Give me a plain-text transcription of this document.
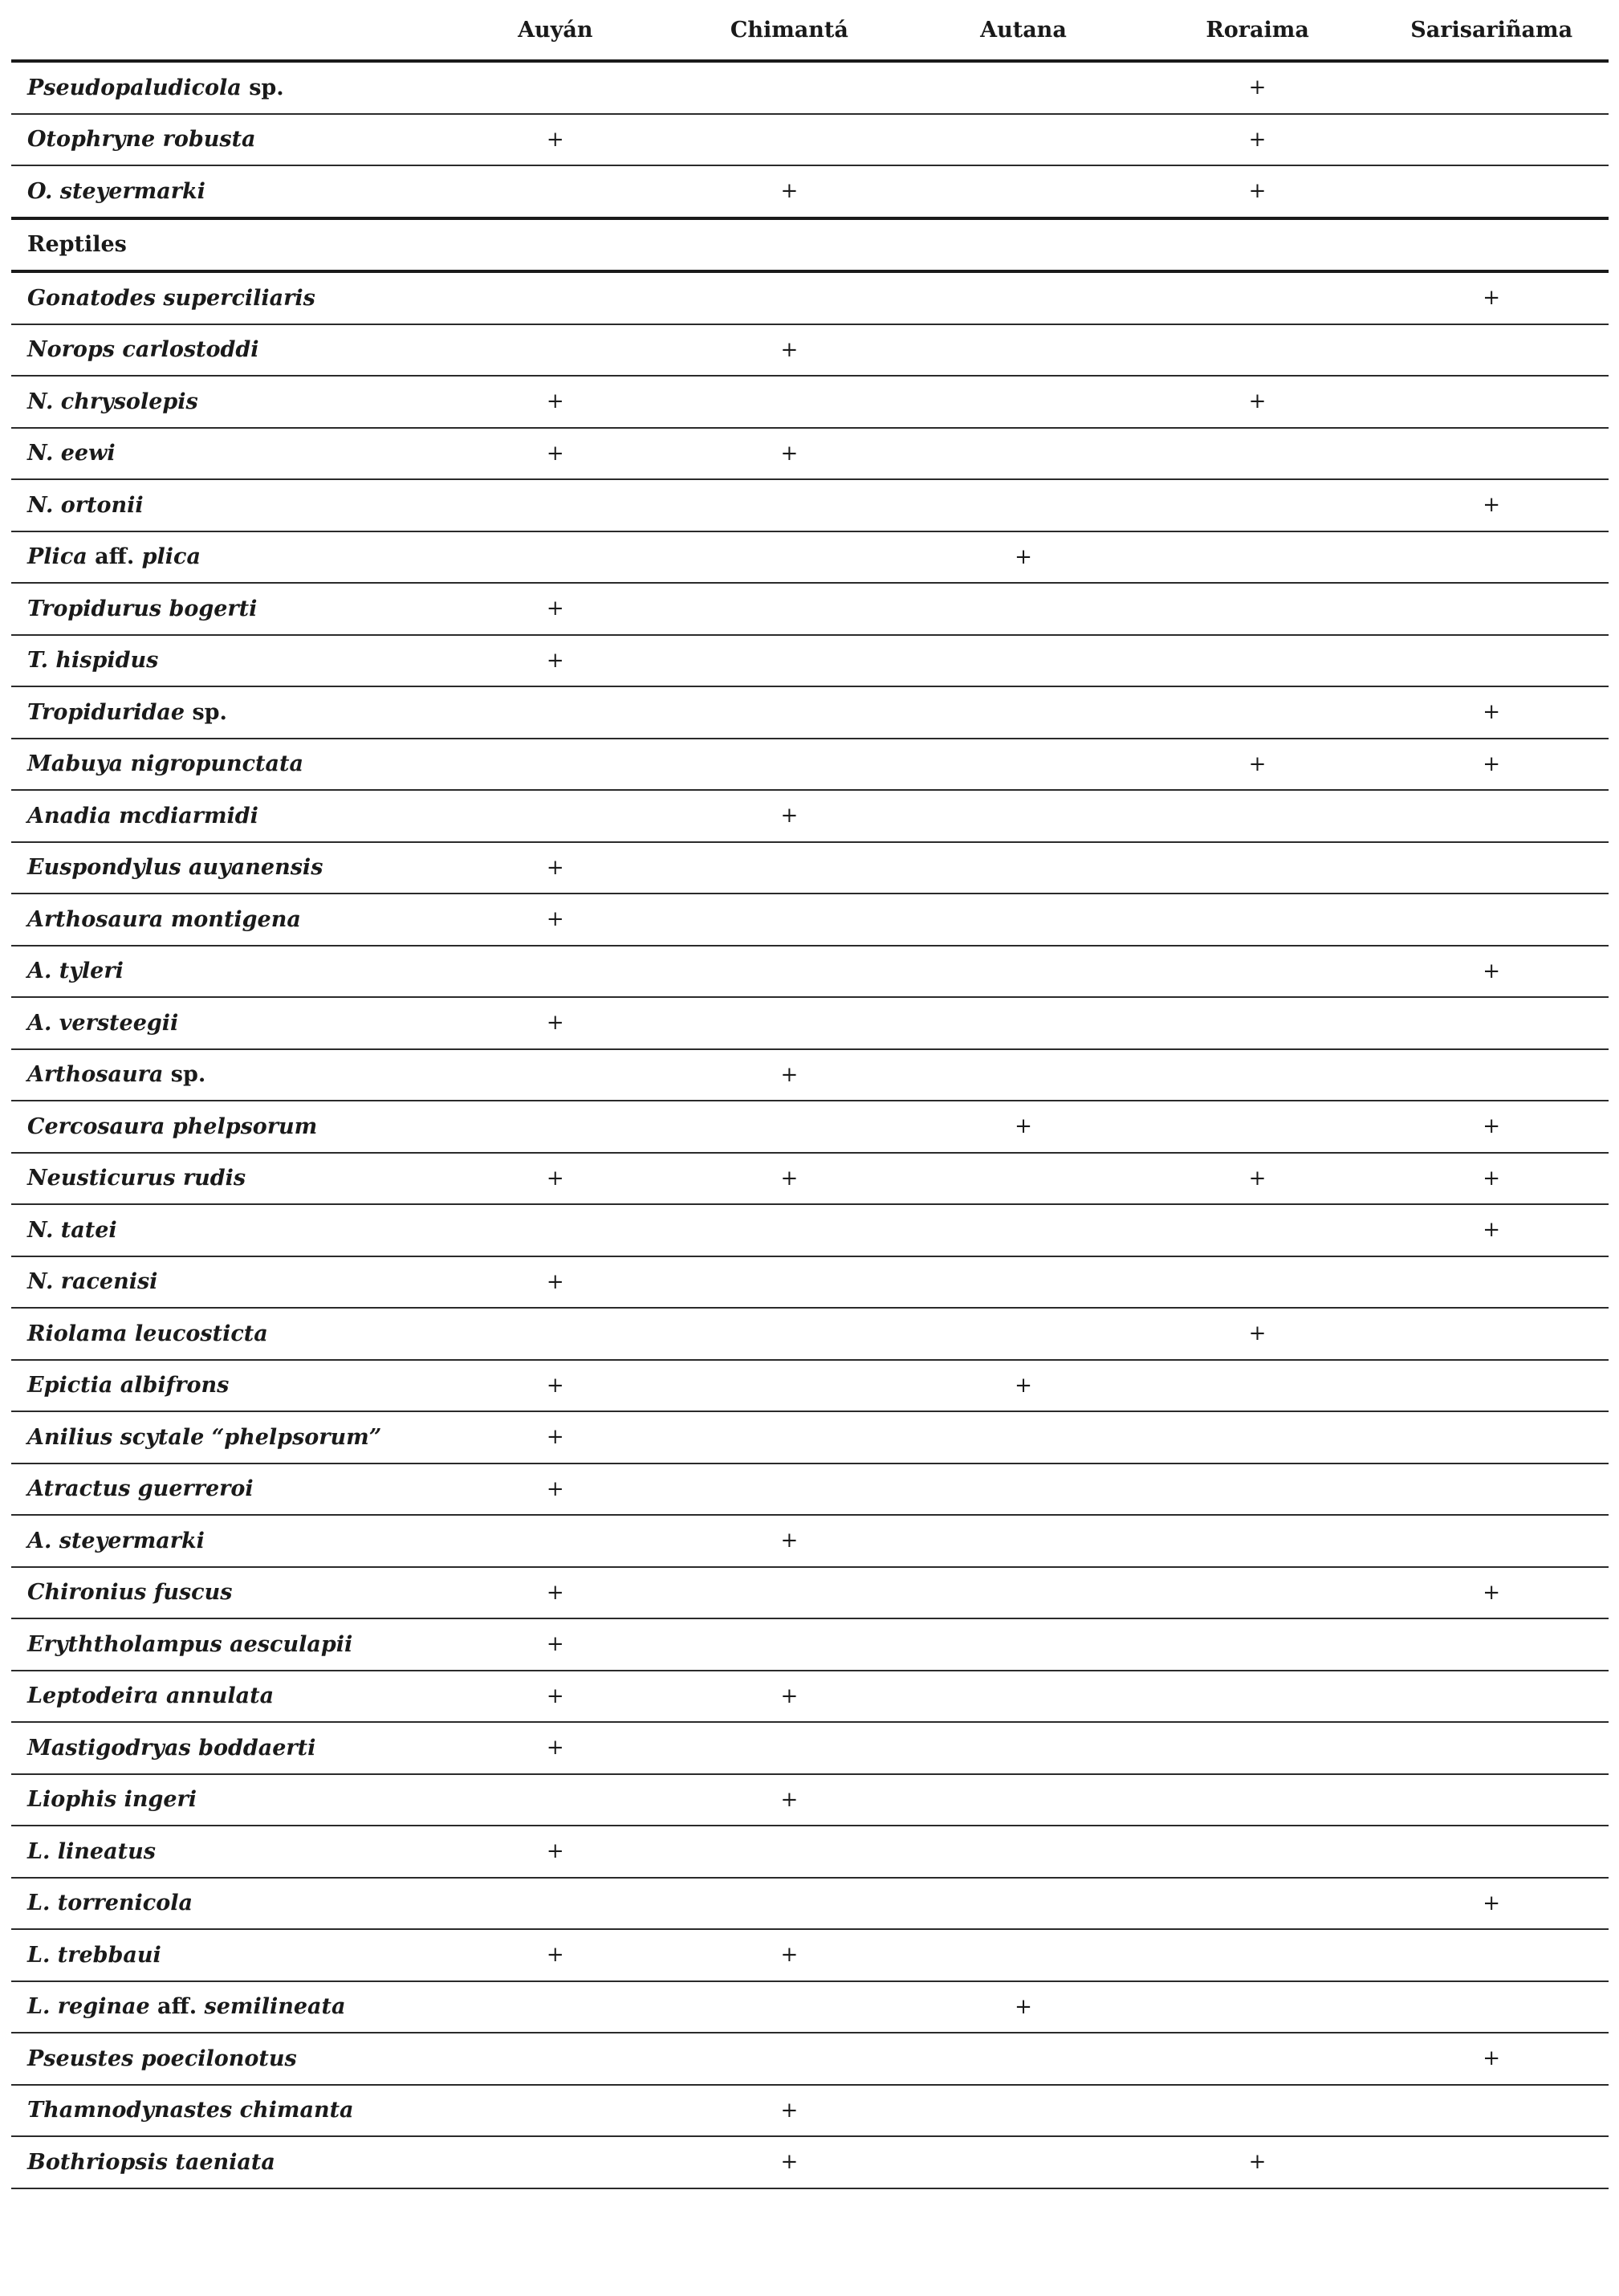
	Auyán	Chimantá	Autana	Roraima	Sarisariñama
Pseudopaludicola sp.				+	
Otophryne robusta	+			+	
O. steyermarki		+		+	
Reptiles					
Gonatodes superciliaris					+
Norops carlostoddi		+			
N. chrysolepis	+			+	
N. eewi	+	+			
N. ortonii					+
Plica aff. plica			+		
Tropidurus bogerti	+				
T. hispidus	+				
Tropiduridae sp.					+
Mabuya nigropunctata				+	+
Anadia mcdiarmidi		+			
Euspondylus auyanensis	+				
Arthosaura montigena	+				
A. tyleri					+
A. versteegii	+				
Arthosaura sp.		+			
Cercosaura phelpsorum			+		+
Neusticurus rudis	+	+		+	+
N. tatei					+
N. racenisi	+				
Riolama leucosticta				+	
Epictia albifrons	+		+		
Anilius scytale “phelpsorum”	+				
Atractus guerreroi	+				
A. steyermarki		+			
Chironius fuscus	+				+
Eryththolampus aesculapii	+				
Leptodeira annulata	+	+			
Mastigodryas boddaerti	+				
Liophis ingeri		+			
L. lineatus	+				
L. torrenicola					+
L. trebbaui	+	+			
L. reginae aff. semilineata			+		
Pseustes poecilonotus					+
Thamnodynastes chimanta		+			
Bothriopsis taeniata		+		+	
